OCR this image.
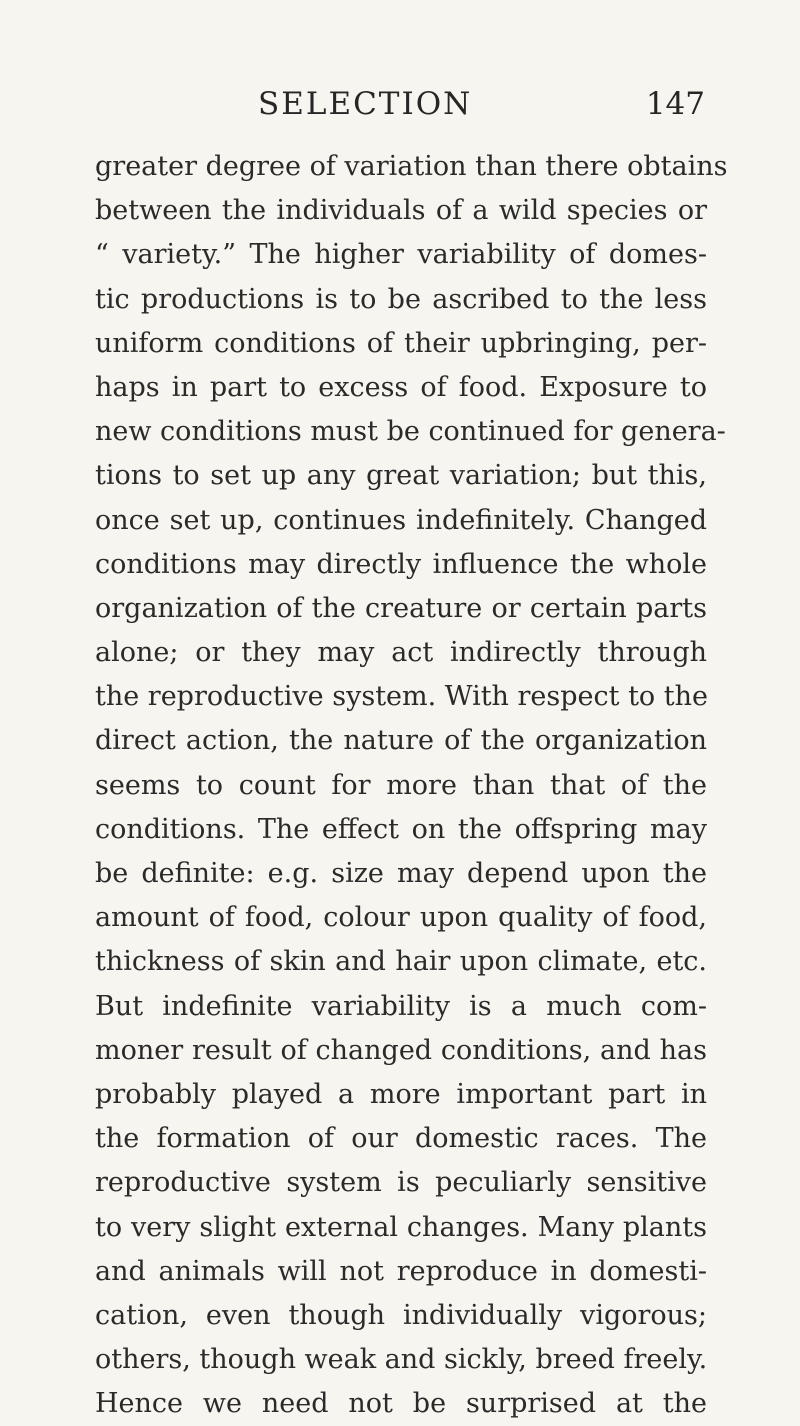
SELECTION	147
greater degree of variation than there obtains
between the individuals of a wild species or
“ variety.” The higher variability of domes-
tic productions is to be ascribed to the less
uniform conditions of their upbringing, per-
haps in part to excess of food. Exposure to
new conditions must be continued for genera-
tions to set up any great variation; but this,
once set up, continues indefinitely. Changed
conditions may directly influence the whole
organization of the creature or certain parts
alone; or they may act indirectly through
the reproductive system. With respect to the
direct action, the nature of the organization
seems to count for more than that of the
conditions. The effect on the offspring may
be definite: e.g. size may depend upon the
amount of food, colour upon quality of food,
thickness of skin and hair upon climate, etc.
But indefinite variability is a much com-
moner result of changed conditions, and has
probably played a more important part in
the formation of our domestic races. The
reproductive system is peculiarly sensitive
to very slight external changes. Many plants
and animals will not reproduce in domesti-
cation, even though individually vigorous;
others, though weak and sickly, breed freely.
Hence we need not be surprised at the
